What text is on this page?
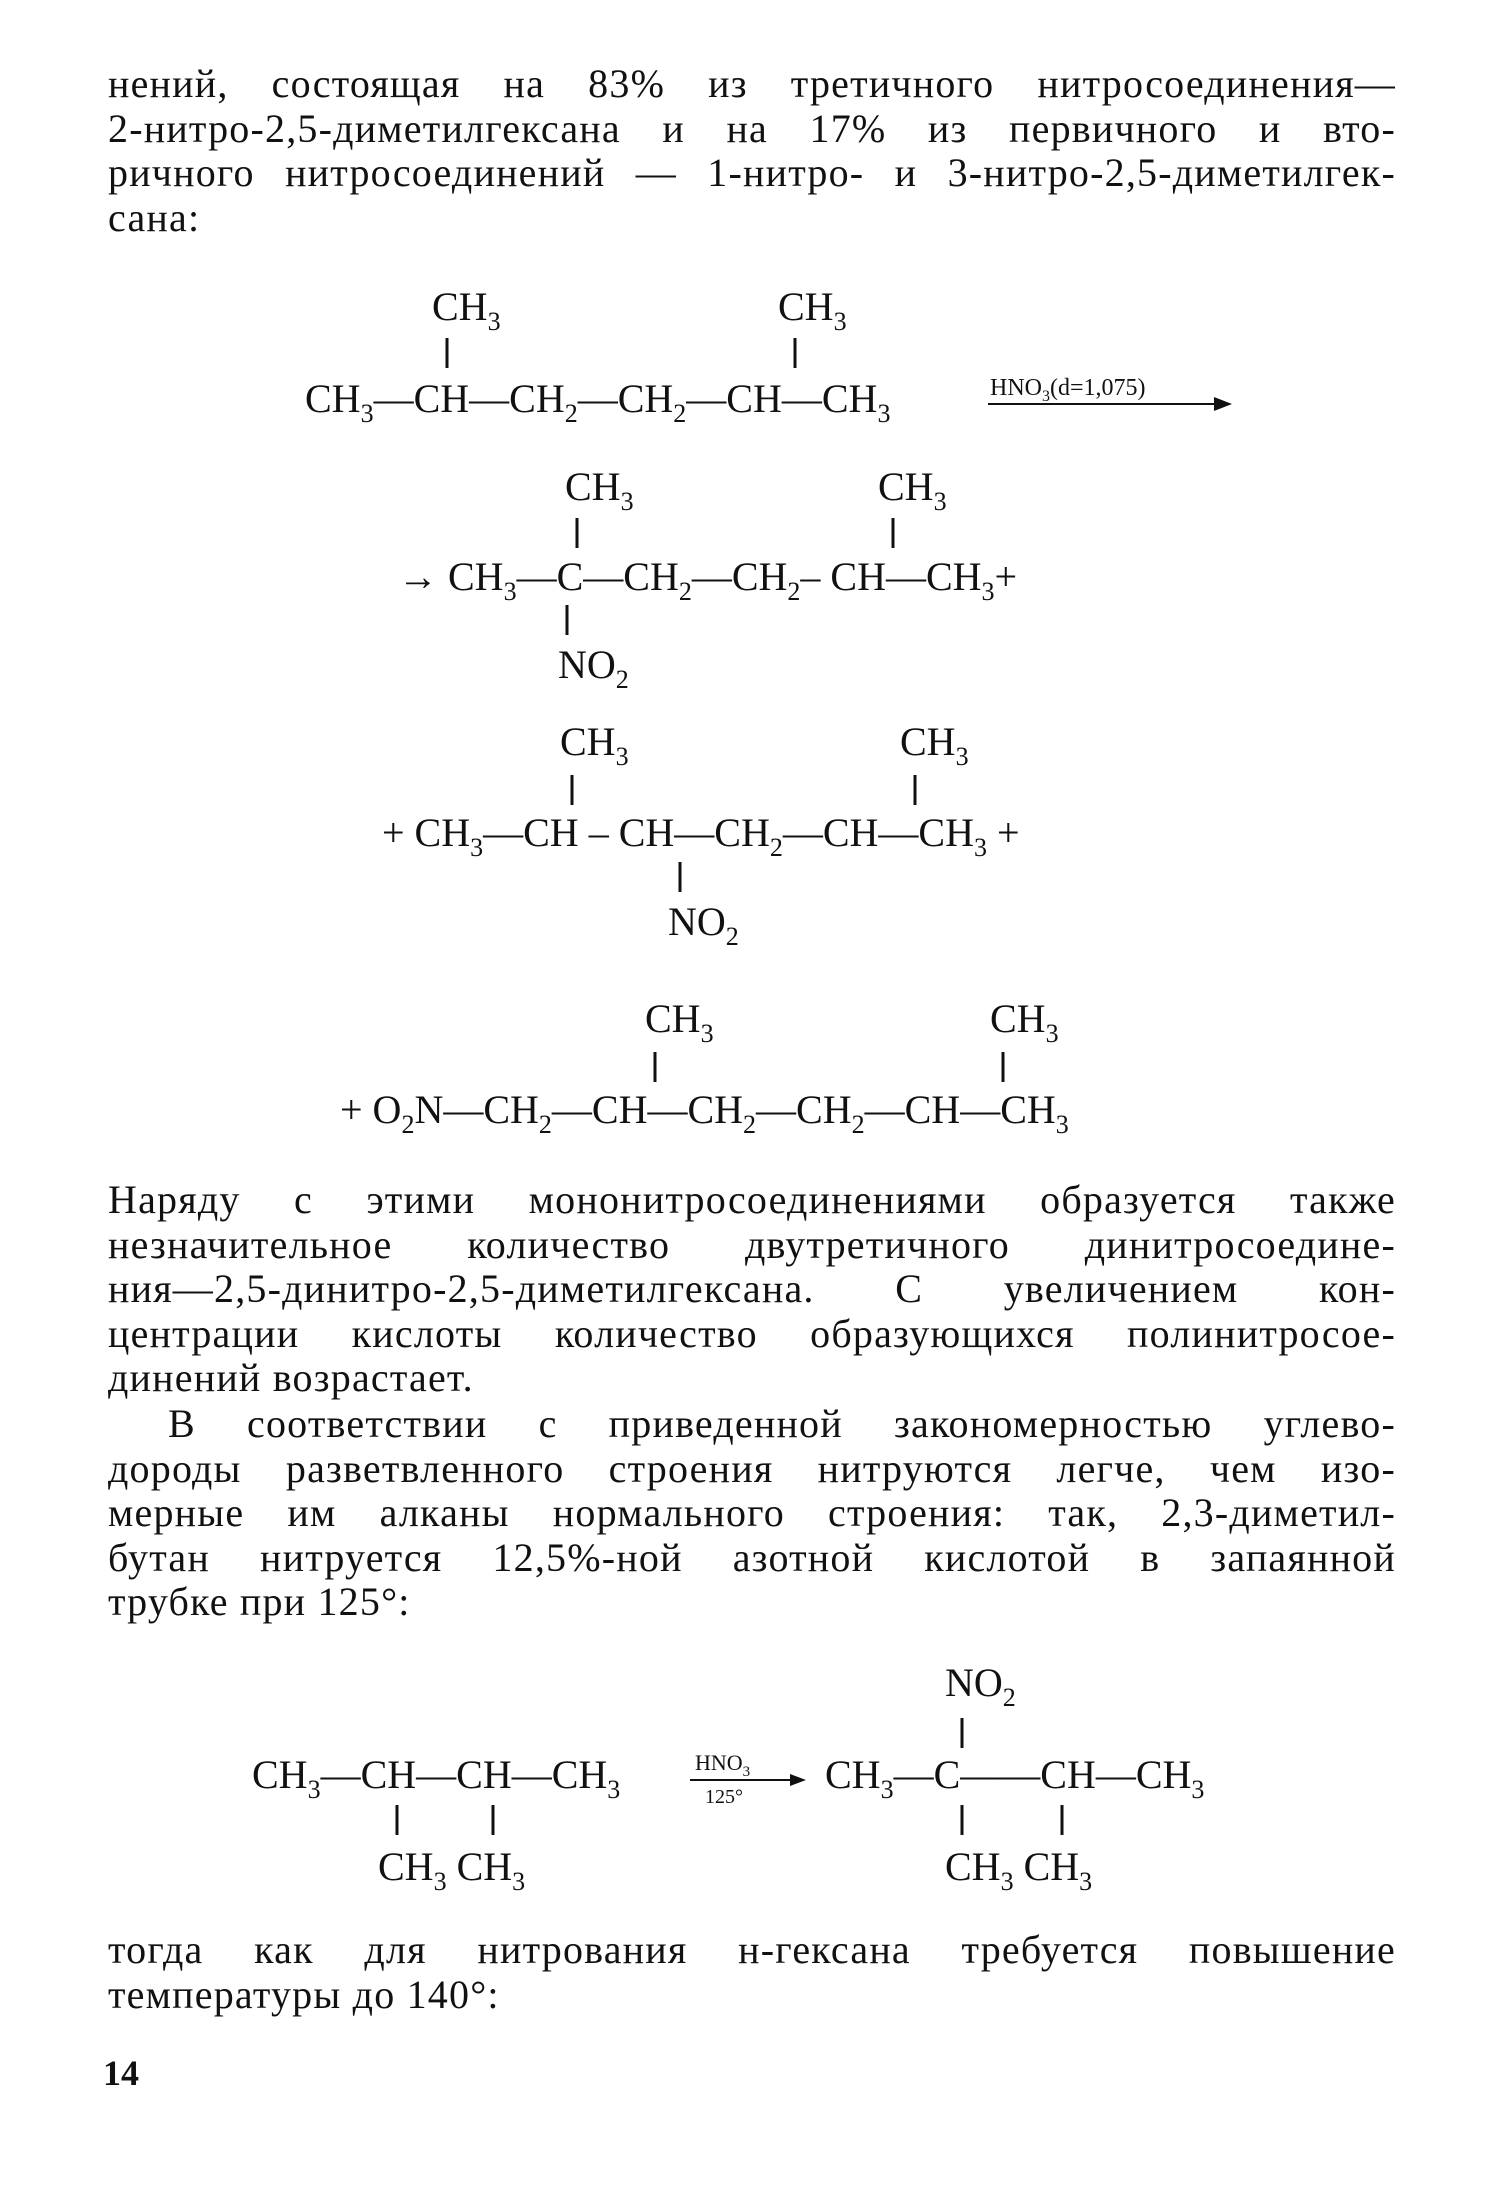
нений, состоящая на 83% из третичного нитросоединения—
2-нитро-2,5-диметилгексана и на 17% из первичного и вто-
ричного нитросоединений — 1-нитро- и 3-нитро-2,5-диметилгек-
сана:
$CH_3$	$CH_3$
$CH_3—CH—CH_2—CH_2—CH—CH_3$
$HNO_3(d=1,075)$
$CH_3$	$CH_3$
→ $CH_3—C—CH_2—CH_2-$ $CH—CH_3+$
$NO_2$
$CH_3$	$CH_3$
+ $CH_3—CH$ – $CH—CH_2—CH—CH_3$ +
$NO_2$
$CH_3$	$CH_3$
+ $O_2N—CH_2—CH—CH_2—CH_2—CH—CH_3$
$CH_3—CH—CH—CH_3$
$CH_3$ $CH_3$
$HNO_3$
125°
$NO_2$
$CH_3—C——CH—CH_3$
$CH_3$ $CH_3$
Наряду с этими мононитросоединениями образуется также
незначительное количество двутретичного динитросоедине-
ния—2,5-динитро-2,5-диметилгексана. С увеличением кон-
центрации кислоты количество образующихся полинитросое-
динений возрастает.
В соответствии с приведенной закономерностью углево-
дороды разветвленного строения нитруются легче, чем изо-
мерные им алканы нормального строения: так, 2,3-диметил-
бутан нитруется 12,5%-ной азотной кислотой в запаянной
трубке при 125°:
тогда как для нитрования н-гексана требуется повышение
температуры до 140°:
14
